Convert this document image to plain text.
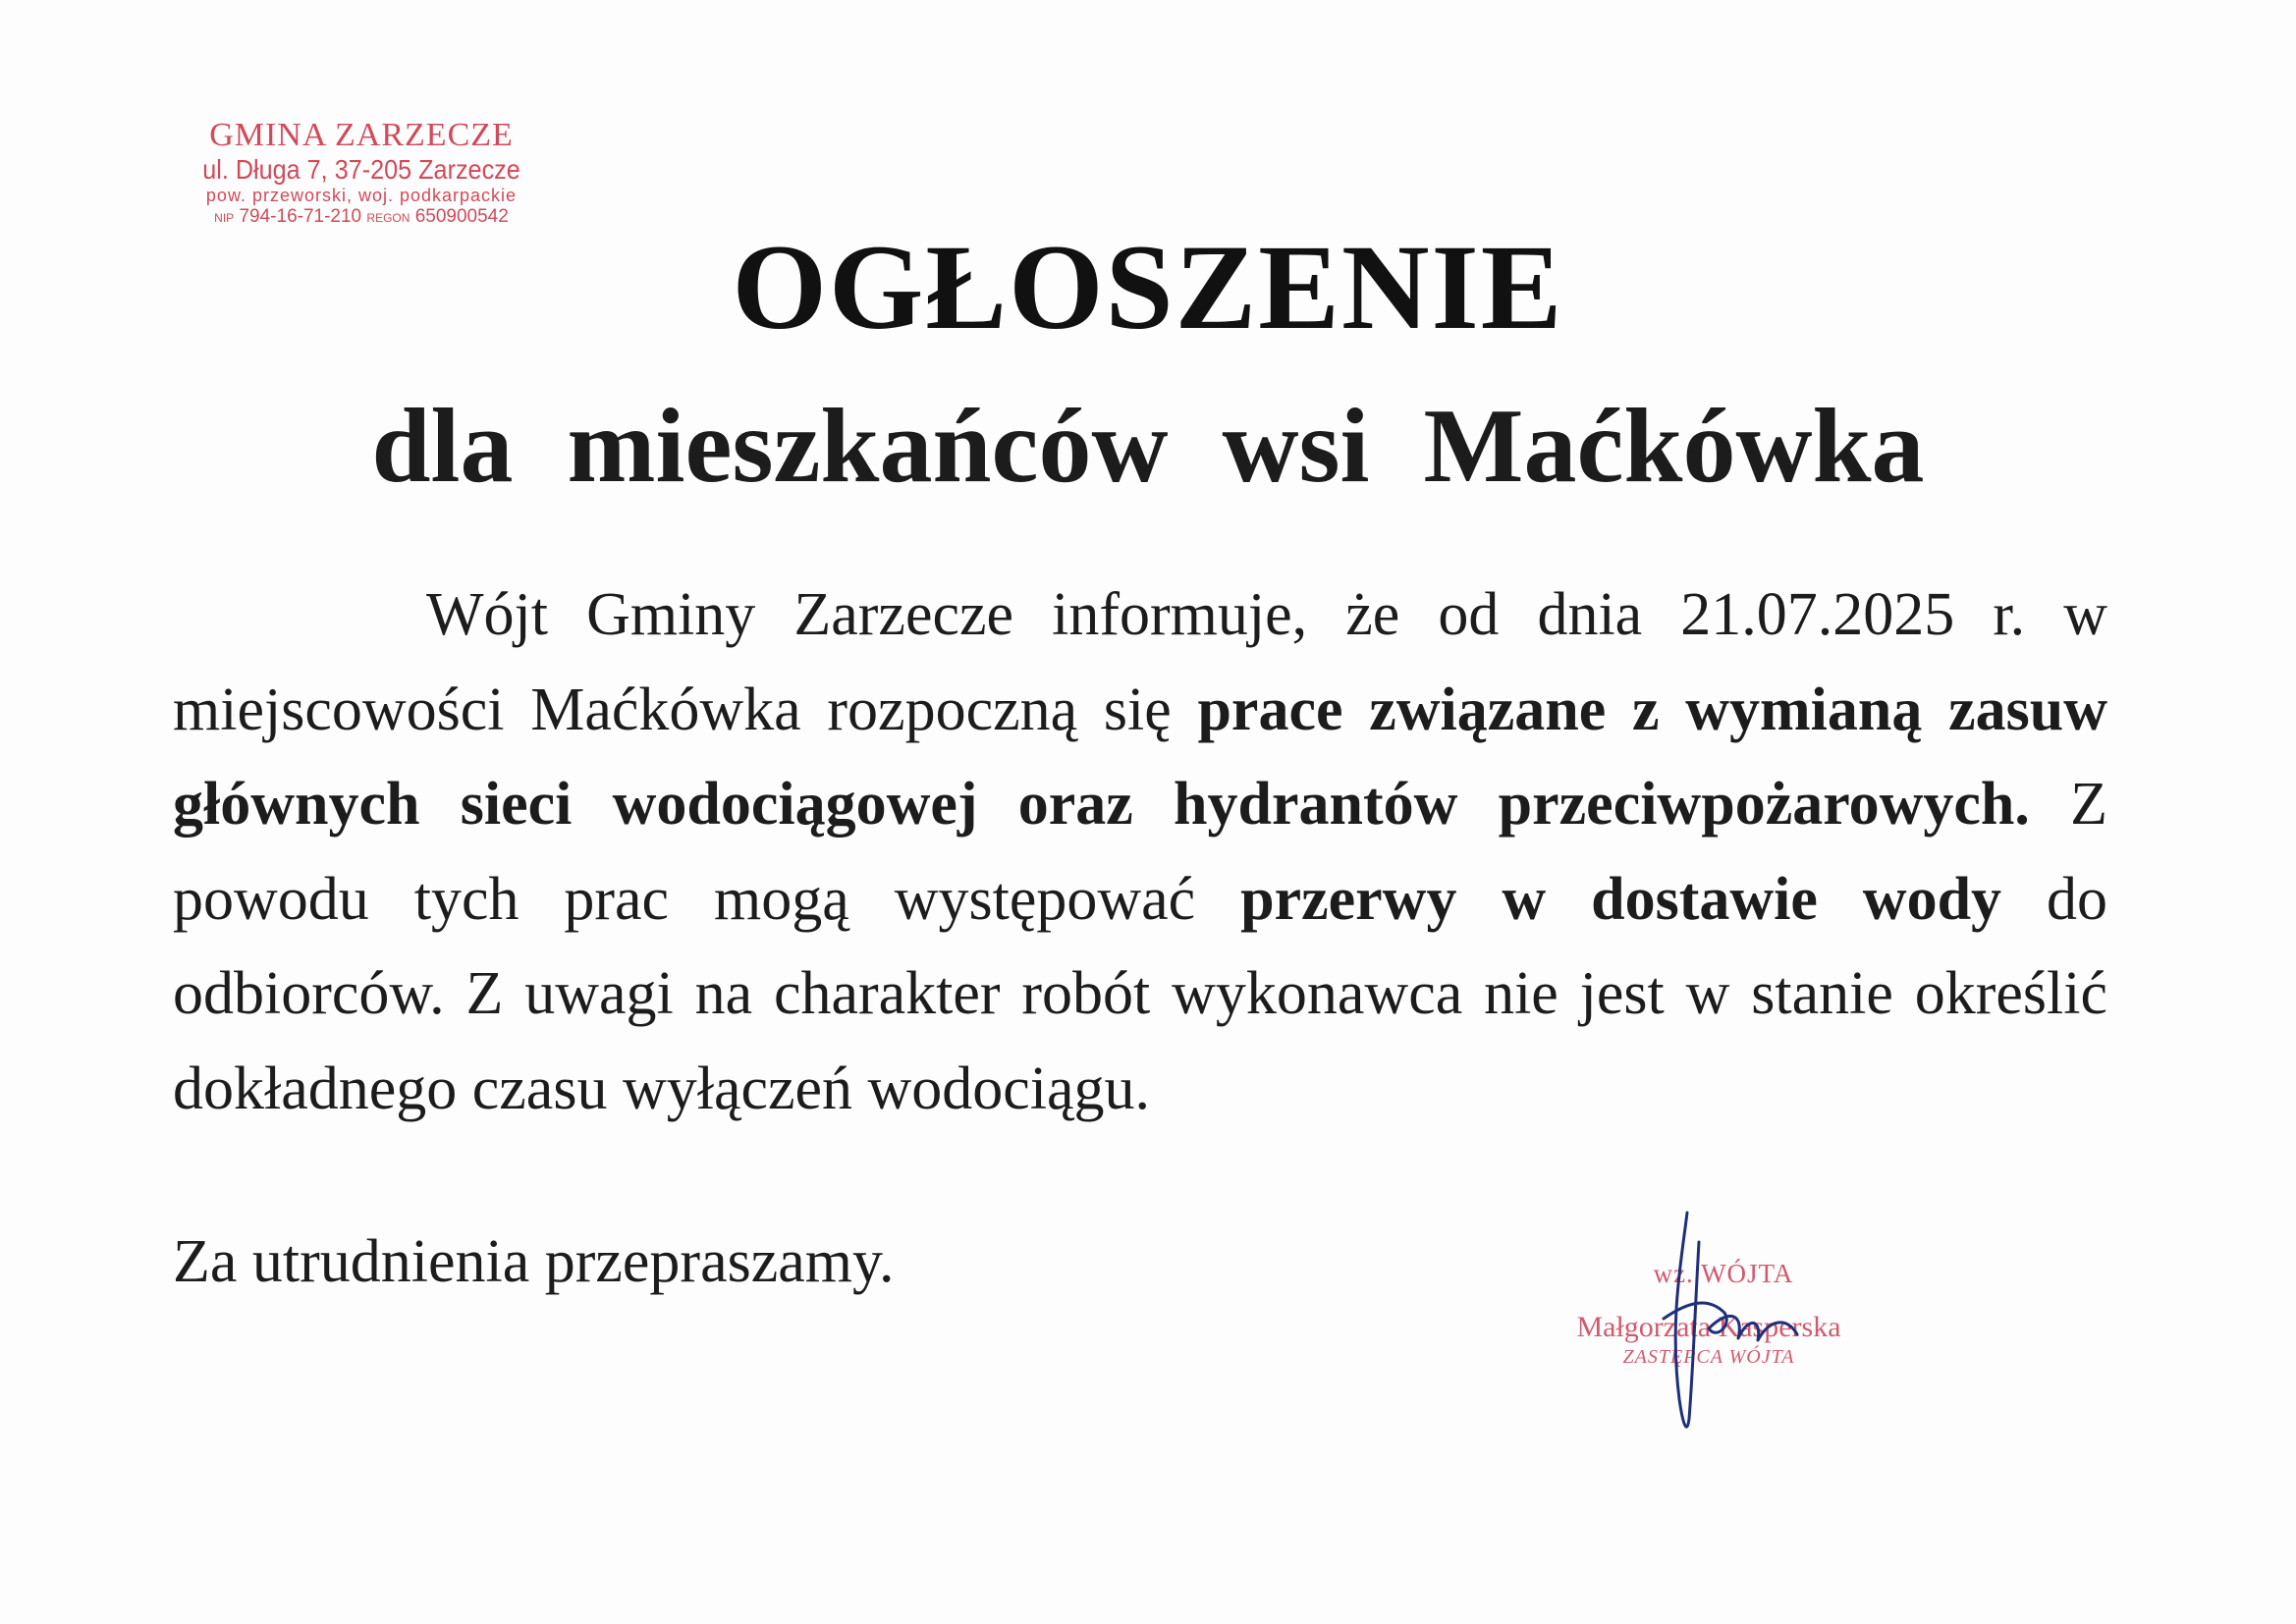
GMINA ZARZECZE
ul. Długa 7, 37-205 Zarzecze
pow. przeworski, woj. podkarpackie
NIP 794-16-71-210 REGON 650900542
OGŁOSZENIE
dla mieszkańców wsi Maćkówka

Wójt Gminy Zarzecze informuje, że od dnia 21.07.2025 r. w miejscowości Maćkówka rozpoczną się prace związane z wymianą zasuw głównych sieci wodociągowej oraz hydrantów przeciwpożarowych. Z powodu tych prac mogą występować przerwy w dostawie wody do odbiorców. Z uwagi na charakter robót wykonawca nie jest w stanie określić dokładnego czasu wyłączeń wodociągu.

Za utrudnienia przepraszamy.	wz. WÓJTA
Małgorzata Kasperska
ZASTĘPCA WÓJTA
